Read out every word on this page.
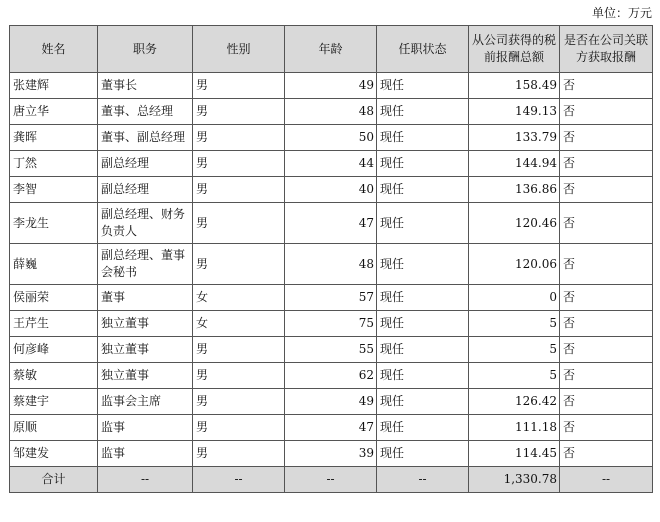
单位：万元
姓名	职务	性别	年龄	任职状态	从公司获得的税前报酬总额	是否在公司关联方获取报酬
张建辉	董事长	男	49	现任	158.49	否
唐立华	董事、总经理	男	48	现任	149.13	否
龚晖	董事、副总经理	男	50	现任	133.79	否
丁然	副总经理	男	44	现任	144.94	否
李智	副总经理	男	40	现任	136.86	否
李龙生	副总经理、财务负责人	男	47	现任	120.46	否
薛巍	副总经理、董事会秘书	男	48	现任	120.06	否
侯丽荣	董事	女	57	现任	0	否
王芹生	独立董事	女	75	现任	5	否
何彦峰	独立董事	男	55	现任	5	否
蔡敏	独立董事	男	62	现任	5	否
蔡建宇	监事会主席	男	49	现任	126.42	否
原顺	监事	男	47	现任	111.18	否
邹建发	监事	男	39	现任	114.45	否
合计	--	--	--	--	1,330.78	--
